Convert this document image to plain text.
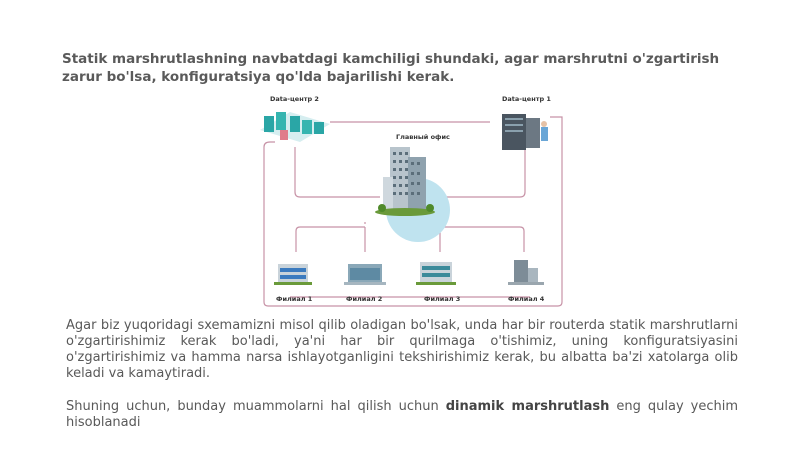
Statik marshrutlashning navbatdagi kamchiligi shundaki, agar marshrutni o'zgartirish zarur bo'lsa, konfiguratsiya qo'lda bajarilishi kerak.
Главный офис
Data-центр 2	Data-центр 1
Филиал 1	Филиал 2	Филиал 3	Филиал 4
Agar biz yuqoridagi sxemamizni misol qilib oladigan bo'lsak, unda har bir routerda statik marshrutlarni o'zgartirishimiz kerak bo'ladi, ya'ni har bir qurilmaga o'tishimiz, uning konfiguratsiyasini o'zgartirishimiz va hamma narsa ishlayotganligini tekshirishimiz kerak, bu albatta ba'zi xatolarga olib keladi va kamaytiradi.
Shuning uchun, bunday muammolarni hal qilish uchun dinamik marshrutlash eng qulay yechim hisoblanadi
